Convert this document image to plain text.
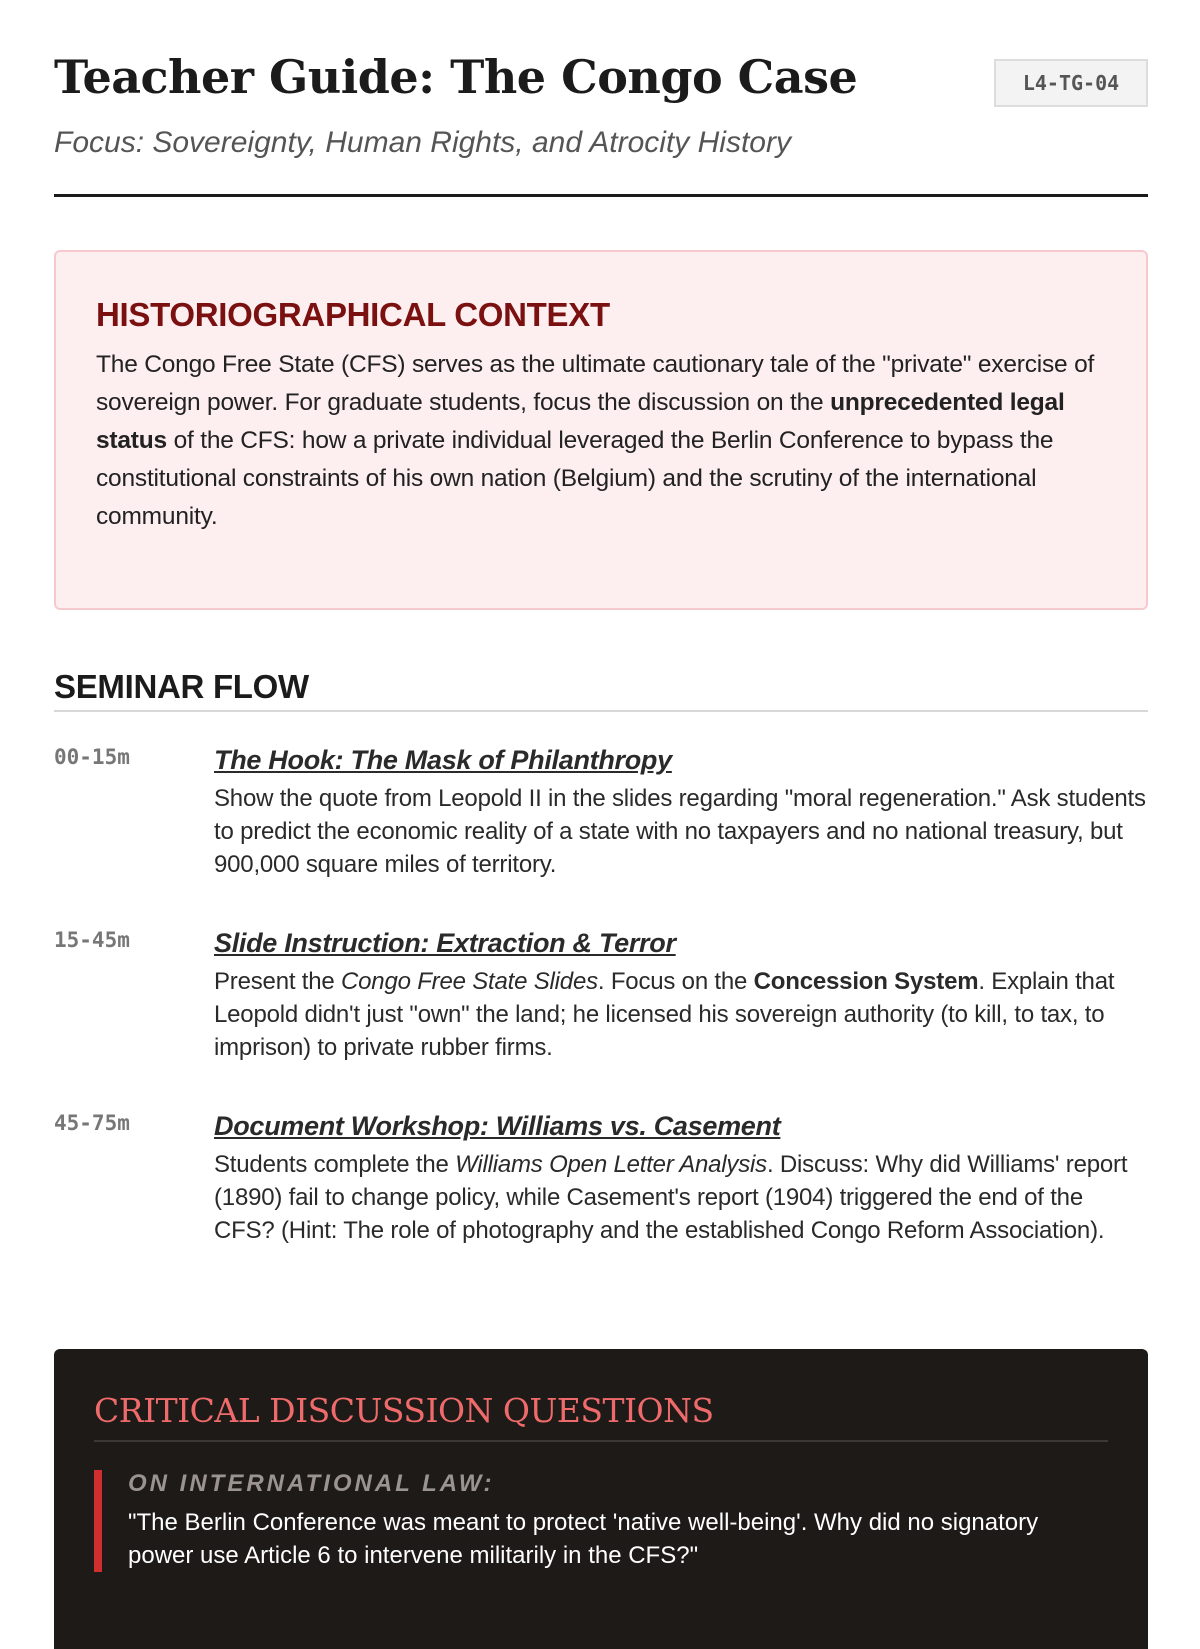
Teacher Guide: The Congo Case

Focus: Sovereignty, Human Rights, and Atrocity History

L4-TG-04
HISTORIOGRAPHICAL CONTEXT

The Congo Free State (CFS) serves as the ultimate cautionary tale of the "private" exercise of sovereign power. For graduate students, focus the discussion on the unprecedented legal status of the CFS: how a private individual leveraged the Berlin Conference to bypass the constitutional constraints of his own nation (Belgium) and the scrutiny of the international community.

SEMINAR FLOW
00-15m	The Hook: The Mask of Philanthropy

Show the quote from Leopold II in the slides regarding "moral regeneration." Ask students to predict the economic reality of a state with no taxpayers and no national treasury, but 900,000 square miles of territory.

15-45m	Slide Instruction: Extraction & Terror

Present the Congo Free State Slides. Focus on the Concession System. Explain that Leopold didn't just "own" the land; he licensed his sovereign authority (to kill, to tax, to imprison) to private rubber firms.

45-75m	Document Workshop: Williams vs. Casement

Students complete the Williams Open Letter Analysis. Discuss: Why did Williams' report (1890) fail to change policy, while Casement's report (1904) triggered the end of the CFS? (Hint: The role of photography and the established Congo Reform Association).

CRITICAL DISCUSSION QUESTIONS
ON INTERNATIONAL LAW:
"The Berlin Conference was meant to protect 'native well-being'. Why did no signatory power use Article 6 to intervene militarily in the CFS?"
